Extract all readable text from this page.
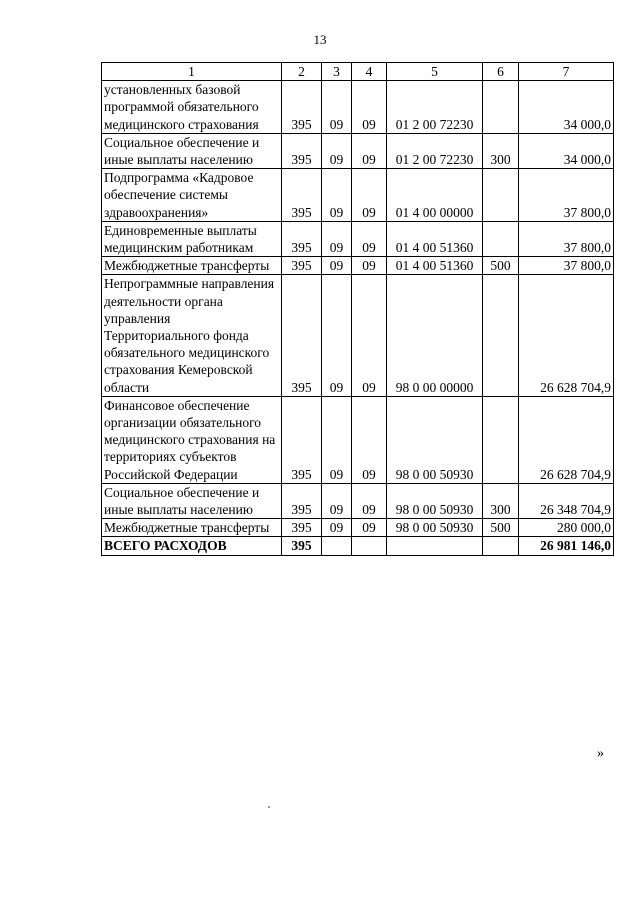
13
1	2	3	4	5	6	7
установленных базовой программой обязательного медицинского страхования	395	09	09	01 2 00 72230		34 000,0
Социальное обеспечение и иные выплаты населению	395	09	09	01 2 00 72230	300	34 000,0
Подпрограмма «Кадровое обеспечение системы здравоохранения»	395	09	09	01 4 00 00000		37 800,0
Единовременные выплаты медицинским работникам	395	09	09	01 4 00 51360		37 800,0
Межбюджетные трансферты	395	09	09	01 4 00 51360	500	37 800,0
Непрограммные направления деятельности органа управления Территориального фонда обязательного медицинского страхования Кемеровской области	395	09	09	98 0 00 00000		26 628 704,9
Финансовое обеспечение организации обязательного медицинского страхования на территориях субъектов Российской Федерации	395	09	09	98 0 00 50930		26 628 704,9
Социальное обеспечение и иные выплаты населению	395	09	09	98 0 00 50930	300	26 348 704,9
Межбюджетные трансферты	395	09	09	98 0 00 50930	500	280 000,0
ВСЕГО РАСХОДОВ	395					26 981 146,0
»
